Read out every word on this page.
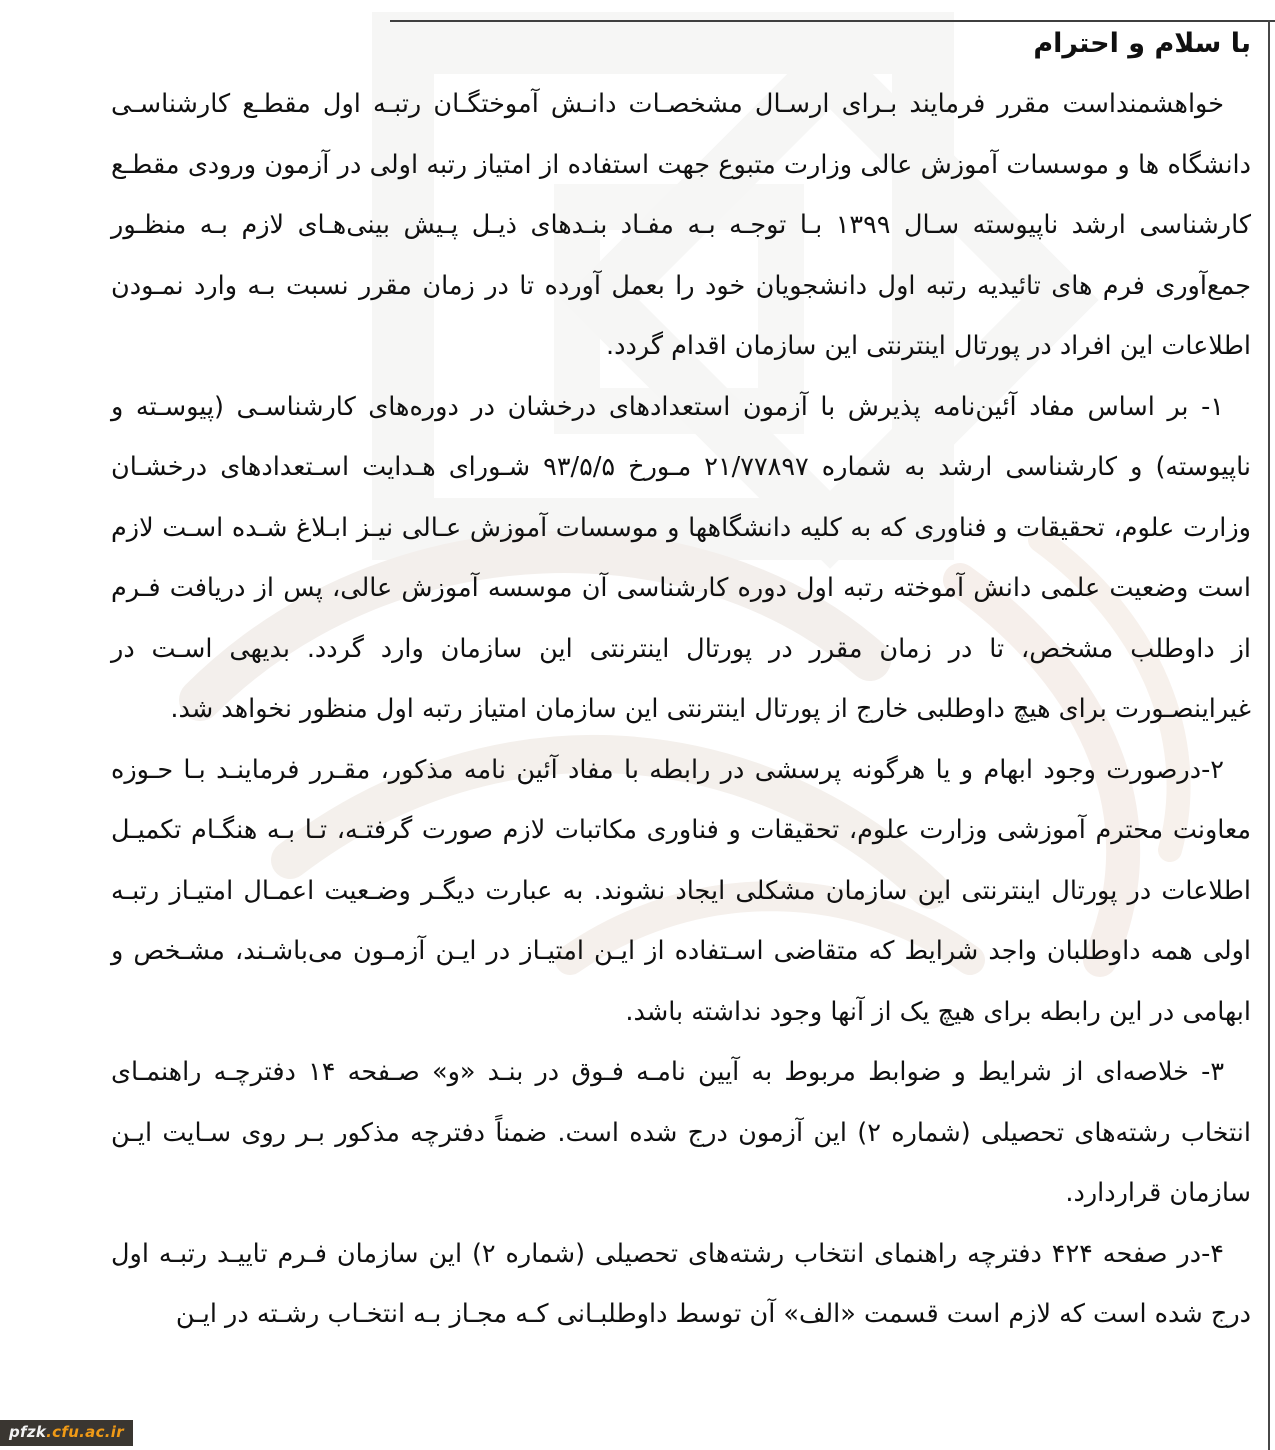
با سلام و احترام

خواهشمنداست مقرر فرمایند بـرای ارسـال مشخصـات دانـش آموختگـان رتبـه اول مقطـع کارشناسـی دانشگاه ها و موسسات آموزش عالی وزارت متبوع جهت استفاده از امتیاز رتبه اولی در آزمون ورودی مقطـع کارشناسی ارشد ناپیوسته سـال ۱۳۹۹ بـا توجـه بـه مفـاد بنـدهای ذیـل پـیش بینی‌هـای لازم بـه منظـور جمع‌آوری فرم های تائیدیه رتبه اول دانشجویان خود را بعمل آورده تا در زمان مقرر نسبت بـه وارد نمـودن اطلاعات این افراد در پورتال اینترنتی این سازمان اقدام گردد.

۱- بر اساس مفاد آئین‌نامه پذیرش با آزمون استعدادهای درخشان در دوره‌های کارشناسـی (پیوسـته و ناپیوسته) و کارشناسی ارشد به شماره ۲۱/۷۷۸۹۷ مـورخ ۹۳/۵/۵ شـورای هـدایت اسـتعدادهای درخشـان وزارت علوم، تحقیقات و فناوری که به کلیه دانشگاهها و موسسات آموزش عـالی نیـز ابـلاغ شـده اسـت لازم است وضعیت علمی دانش آموخته رتبه اول دوره کارشناسی آن موسسه آموزش عالی، پس از دریافت فـرم از داوطلب مشخص، تا در زمان مقرر در پورتال اینترنتی این سازمان وارد گردد. بدیهی اسـت در غیراینصـورت برای هیچ داوطلبی خارج از پورتال اینترنتی این سازمان امتیاز رتبه اول منظور نخواهد شد.

۲-درصورت وجود ابهام و یا هرگونه پرسشی در رابطه با مفاد آئین نامه مذکور، مقـرر فرماینـد بـا حـوزه معاونت محترم آموزشی وزارت علوم، تحقیقات و فناوری مکاتبات لازم صورت گرفتـه، تـا بـه هنگـام تکمیـل اطلاعات در پورتال اینترنتی این سازمان مشکلی ایجاد نشوند. به عبارت دیگـر وضـعیت اعمـال امتیـاز رتبـه اولی همه داوطلبان واجد شرایط که متقاضی اسـتفاده از ایـن امتیـاز در ایـن آزمـون می‌باشـند، مشـخص و ابهامی در این رابطه برای هیچ یک از آنها وجود نداشته باشد.

۳- خلاصه‌ای از شرایط و ضوابط مربوط به آیین نامـه فـوق در بنـد «و» صـفحه ۱۴ دفترچـه راهنمـای انتخاب رشته‌های تحصیلی (شماره ۲) این آزمون درج شده است. ضمناً دفترچه مذکور بـر روی سـایت ایـن سازمان قراردارد.

۴-در صفحه ۴۲۴ دفترچه راهنمای انتخاب رشته‌های تحصیلی (شماره ۲) این سازمان فـرم تاییـد رتبـه اول درج شده است که لازم است قسمت «الف» آن توسط داوطلبـانی کـه مجـاز بـه انتخـاب رشـته در ایـن

pfzk.cfu.ac.ir
